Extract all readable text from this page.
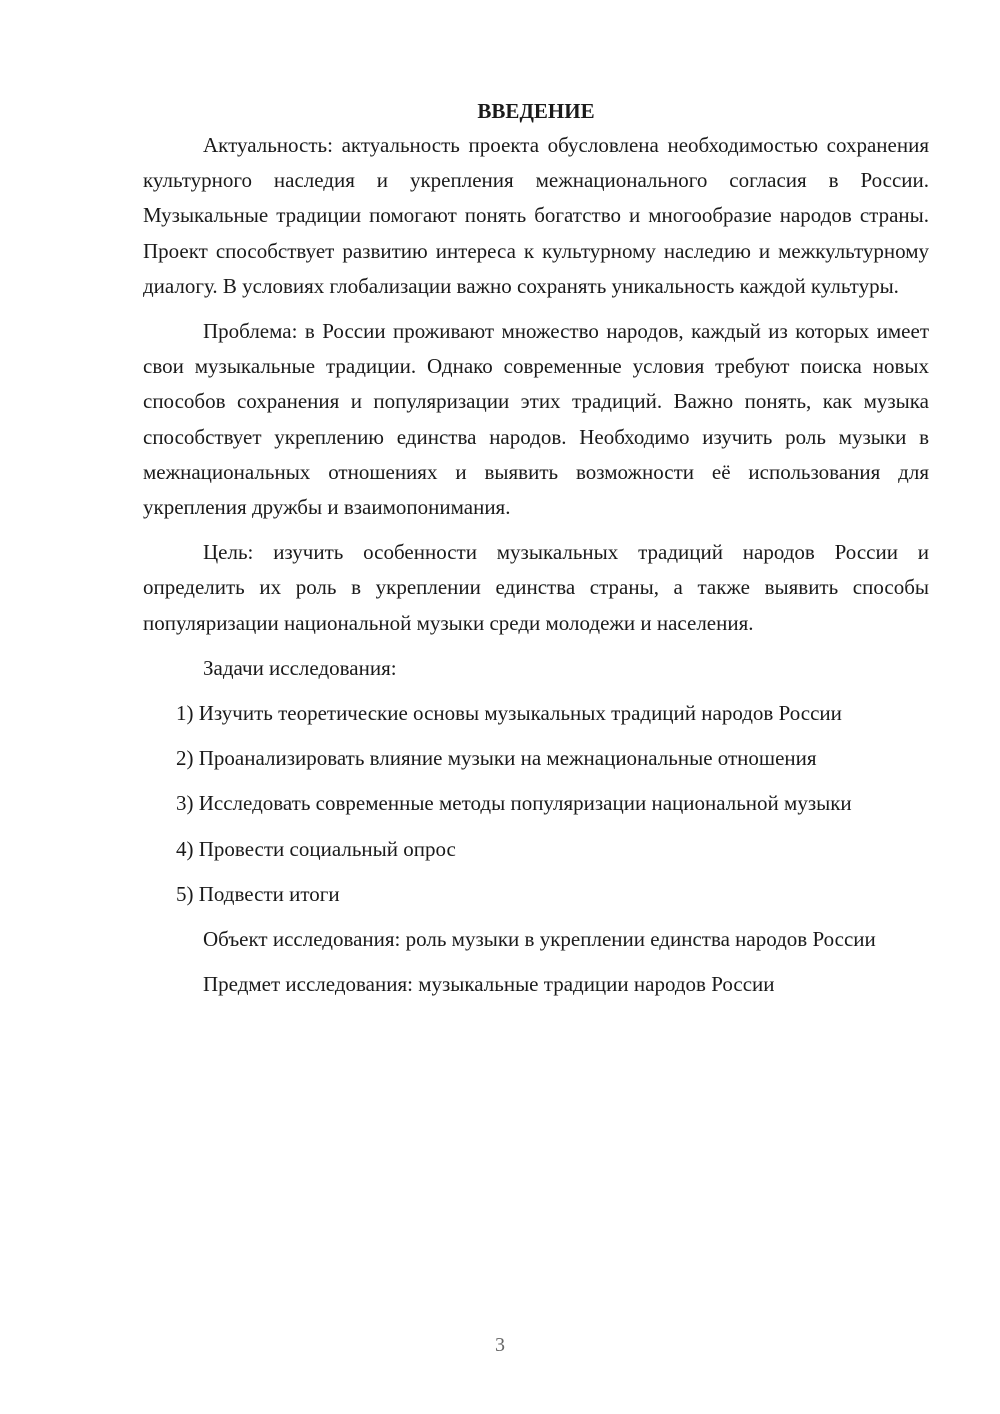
ВВЕДЕНИЕ

Актуальность: актуальность проекта обусловлена необходимостью сохранения культурного наследия и укрепления межнационального согласия в России. Музыкальные традиции помогают понять богатство и многообразие народов страны. Проект способствует развитию интереса к культурному наследию и межкультурному диалогу. В условиях глобализации важно сохранять уникальность каждой культуры.

Проблема: в России проживают множество народов, каждый из которых имеет свои музыкальные традиции. Однако современные условия требуют поиска новых способов сохранения и популяризации этих традиций. Важно понять, как музыка способствует укреплению единства народов. Необходимо изучить роль музыки в межнациональных отношениях и выявить возможности её использования для укрепления дружбы и взаимопонимания.

Цель: изучить особенности музыкальных традиций народов России и определить их роль в укреплении единства страны, а также выявить способы популяризации национальной музыки среди молодежи и населения.

Задачи исследования:

1) Изучить теоретические основы музыкальных традиций народов России

2) Проанализировать влияние музыки на межнациональные отношения

3) Исследовать современные методы популяризации национальной музыки

4) Провести социальный опрос

5) Подвести итоги

Объект исследования: роль музыки в укреплении единства народов России

Предмет исследования: музыкальные традиции народов России

3
